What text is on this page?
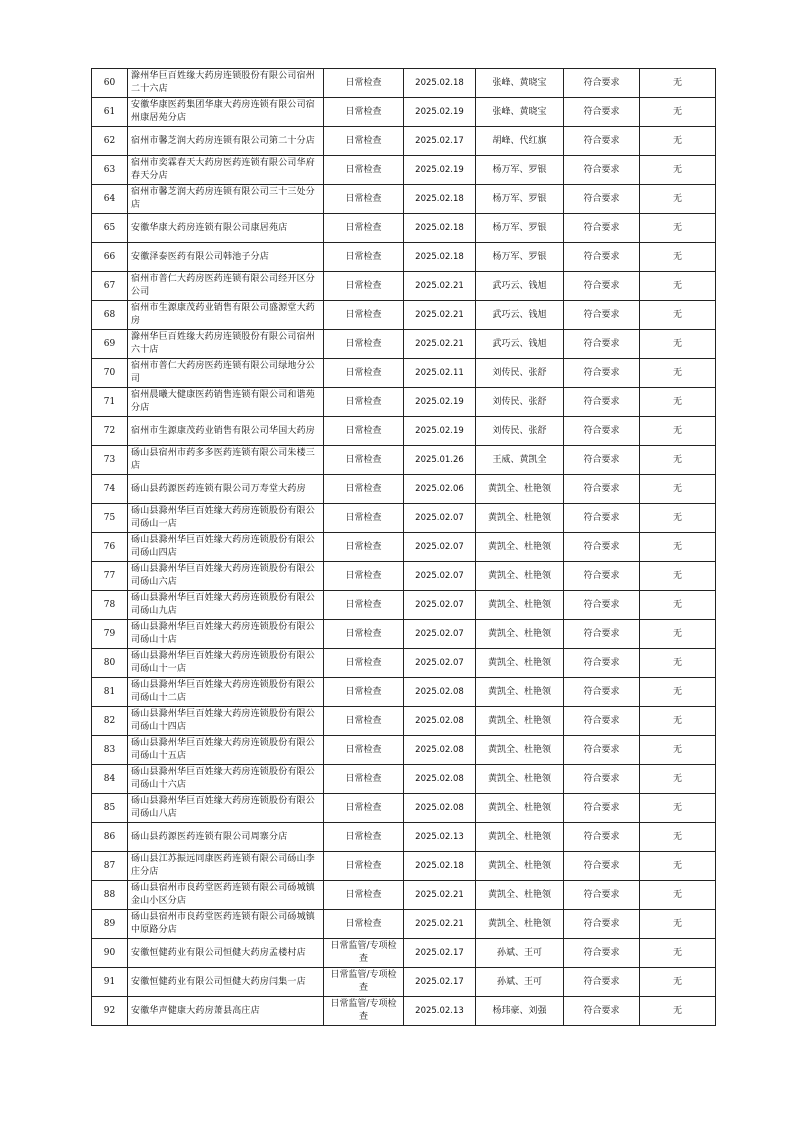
60	滁州华巨百姓缘大药房连锁股份有限公司宿州二十六店	日常检查	2025.02.18	张峰、黄晓宝	符合要求	无
61	安徽华康医药集团华康大药房连锁有限公司宿州康居苑分店	日常检查	2025.02.19	张峰、黄晓宝	符合要求	无
62	宿州市馨芝润大药房连锁有限公司第二十分店	日常检查	2025.02.17	胡峰、代红旗	符合要求	无
63	宿州市奕霖春天大药房医药连锁有限公司华府春天分店	日常检查	2025.02.19	杨万军、罗银	符合要求	无
64	宿州市馨芝润大药房连锁有限公司三十三处分店	日常检查	2025.02.18	杨万军、罗银	符合要求	无
65	安徽华康大药房连锁有限公司康居苑店	日常检查	2025.02.18	杨万军、罗银	符合要求	无
66	安徽泽泰医药有限公司韩池子分店	日常检查	2025.02.18	杨万军、罗银	符合要求	无
67	宿州市普仁大药房医药连锁有限公司经开区分公司	日常检查	2025.02.21	武巧云、钱旭	符合要求	无
68	宿州市生源康茂药业销售有限公司盛源堂大药房	日常检查	2025.02.21	武巧云、钱旭	符合要求	无
69	滁州华巨百姓缘大药房连锁股份有限公司宿州六十店	日常检查	2025.02.21	武巧云、钱旭	符合要求	无
70	宿州市普仁大药房医药连锁有限公司绿地分公司	日常检查	2025.02.11	刘传民、张舒	符合要求	无
71	宿州晨曦大健康医药销售连锁有限公司和谐苑分店	日常检查	2025.02.19	刘传民、张舒	符合要求	无
72	宿州市生源康茂药业销售有限公司华国大药房	日常检查	2025.02.19	刘传民、张舒	符合要求	无
73	砀山县宿州市药多多医药连锁有限公司朱楼三店	日常检查	2025.01.26	王威、黄凯全	符合要求	无
74	砀山县药源医药连锁有限公司万寿堂大药房	日常检查	2025.02.06	黄凯全、杜艳领	符合要求	无
75	砀山县滁州华巨百姓缘大药房连锁股份有限公司砀山一店	日常检查	2025.02.07	黄凯全、杜艳领	符合要求	无
76	砀山县滁州华巨百姓缘大药房连锁股份有限公司砀山四店	日常检查	2025.02.07	黄凯全、杜艳领	符合要求	无
77	砀山县滁州华巨百姓缘大药房连锁股份有限公司砀山六店	日常检查	2025.02.07	黄凯全、杜艳领	符合要求	无
78	砀山县滁州华巨百姓缘大药房连锁股份有限公司砀山九店	日常检查	2025.02.07	黄凯全、杜艳领	符合要求	无
79	砀山县滁州华巨百姓缘大药房连锁股份有限公司砀山十店	日常检查	2025.02.07	黄凯全、杜艳领	符合要求	无
80	砀山县滁州华巨百姓缘大药房连锁股份有限公司砀山十一店	日常检查	2025.02.07	黄凯全、杜艳领	符合要求	无
81	砀山县滁州华巨百姓缘大药房连锁股份有限公司砀山十二店	日常检查	2025.02.08	黄凯全、杜艳领	符合要求	无
82	砀山县滁州华巨百姓缘大药房连锁股份有限公司砀山十四店	日常检查	2025.02.08	黄凯全、杜艳领	符合要求	无
83	砀山县滁州华巨百姓缘大药房连锁股份有限公司砀山十五店	日常检查	2025.02.08	黄凯全、杜艳领	符合要求	无
84	砀山县滁州华巨百姓缘大药房连锁股份有限公司砀山十六店	日常检查	2025.02.08	黄凯全、杜艳领	符合要求	无
85	砀山县滁州华巨百姓缘大药房连锁股份有限公司砀山八店	日常检查	2025.02.08	黄凯全、杜艳领	符合要求	无
86	砀山县药源医药连锁有限公司周寨分店	日常检查	2025.02.13	黄凯全、杜艳领	符合要求	无
87	砀山县江苏振远同康医药连锁有限公司砀山李庄分店	日常检查	2025.02.18	黄凯全、杜艳领	符合要求	无
88	砀山县宿州市良药堂医药连锁有限公司砀城镇金山小区分店	日常检查	2025.02.21	黄凯全、杜艳领	符合要求	无
89	砀山县宿州市良药堂医药连锁有限公司砀城镇中原路分店	日常检查	2025.02.21	黄凯全、杜艳领	符合要求	无
90	安徽恒健药业有限公司恒健大药房孟楼村店	日常监管/专项检查	2025.02.17	孙斌、王可	符合要求	无
91	安徽恒健药业有限公司恒健大药房闫集一店	日常监管/专项检查	2025.02.17	孙斌、王可	符合要求	无
92	安徽华声健康大药房萧县高庄店	日常监管/专项检查	2025.02.13	杨玮豪、刘强	符合要求	无
